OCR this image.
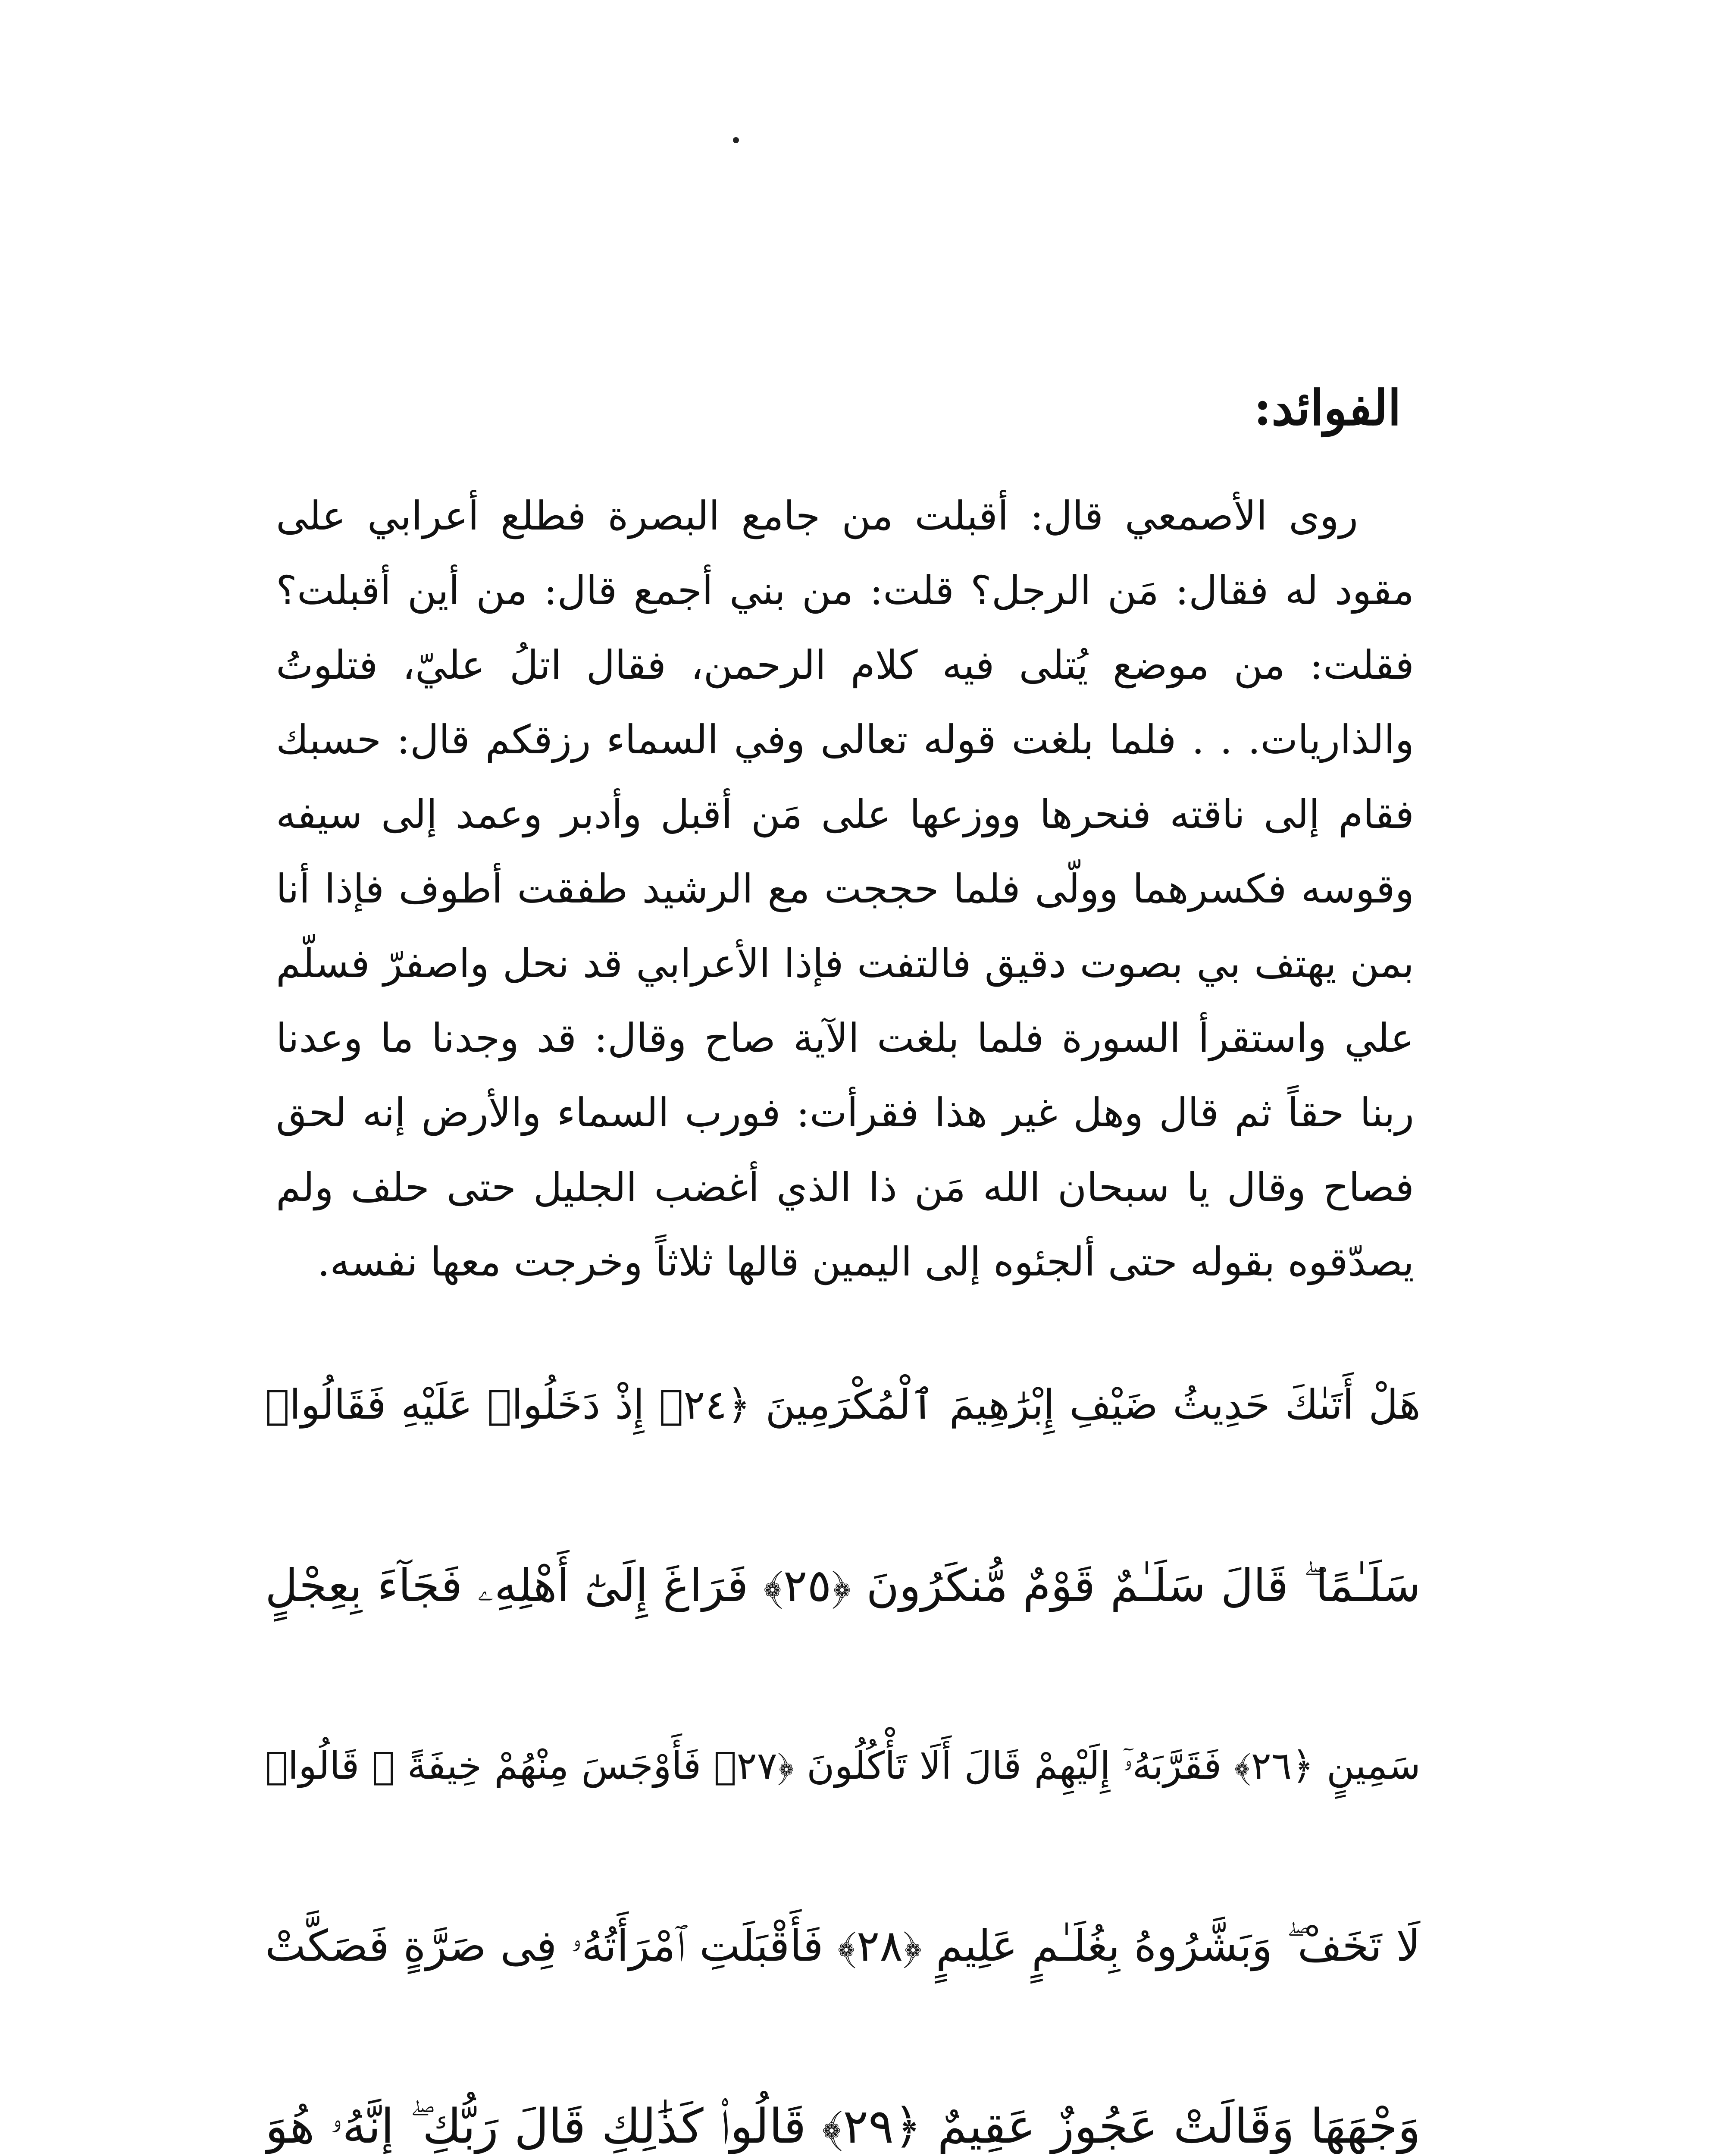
الفوائد:
روى الأصمعي قال: أقبلت من جامع البصرة فطلع أعرابي على
مقود له فقال: مَن الرجل؟ قلت: من بني أجمع قال: من أين أقبلت؟
فقلت: من موضع يُتلى فيه كلام الرحمن، فقال اتلُ عليّ، فتلوتُ
والذاريات. . . فلما بلغت قوله تعالى وفي السماء رزقكم قال: حسبك
فقام إلى ناقته فنحرها ووزعها على مَن أقبل وأدبر وعمد إلى سيفه
وقوسه فكسرهما وولّى فلما حججت مع الرشيد طفقت أطوف فإذا أنا
بمن يهتف بي بصوت دقيق فالتفت فإذا الأعرابي قد نحل واصفرّ فسلّم
علي واستقرأ السورة فلما بلغت الآية صاح وقال: قد وجدنا ما وعدنا
ربنا حقاً ثم قال وهل غير هذا فقرأت: فورب السماء والأرض إنه لحق
فصاح وقال يا سبحان الله مَن ذا الذي أغضب الجليل حتى حلف ولم
يصدّقوه بقوله حتى ألجئوه إلى اليمين قالها ثلاثاً وخرجت معها نفسه.
هَلْ أَتَىٰكَ حَدِيثُ ضَيْفِ إِبْرَٰهِيمَ ٱلْمُكْرَمِينَ ﴿٢٤﴾ إِذْ دَخَلُوا۟ عَلَيْهِ فَقَالُوا۟
سَلَـٰمًا ۖ قَالَ سَلَـٰمٌ قَوْمٌ مُّنكَرُونَ ﴿٢٥﴾ فَرَاغَ إِلَىٰٓ أَهْلِهِۦ فَجَآءَ بِعِجْلٍ
سَمِينٍ ﴿٢٦﴾ فَقَرَّبَهُۥٓ إِلَيْهِمْ قَالَ أَلَا تَأْكُلُونَ ﴿٢٧﴾ فَأَوْجَسَ مِنْهُمْ خِيفَةً ۖ قَالُوا۟
لَا تَخَفْ ۖ وَبَشَّرُوهُ بِغُلَـٰمٍ عَلِيمٍ ﴿٢٨﴾ فَأَقْبَلَتِ ٱمْرَأَتُهُۥ فِى صَرَّةٍ فَصَكَّتْ
وَجْهَهَا وَقَالَتْ عَجُوزٌ عَقِيمٌ ﴿٢٩﴾ قَالُوا۟ كَذَٰلِكِ قَالَ رَبُّكِ ۖ إِنَّهُۥ هُوَ
